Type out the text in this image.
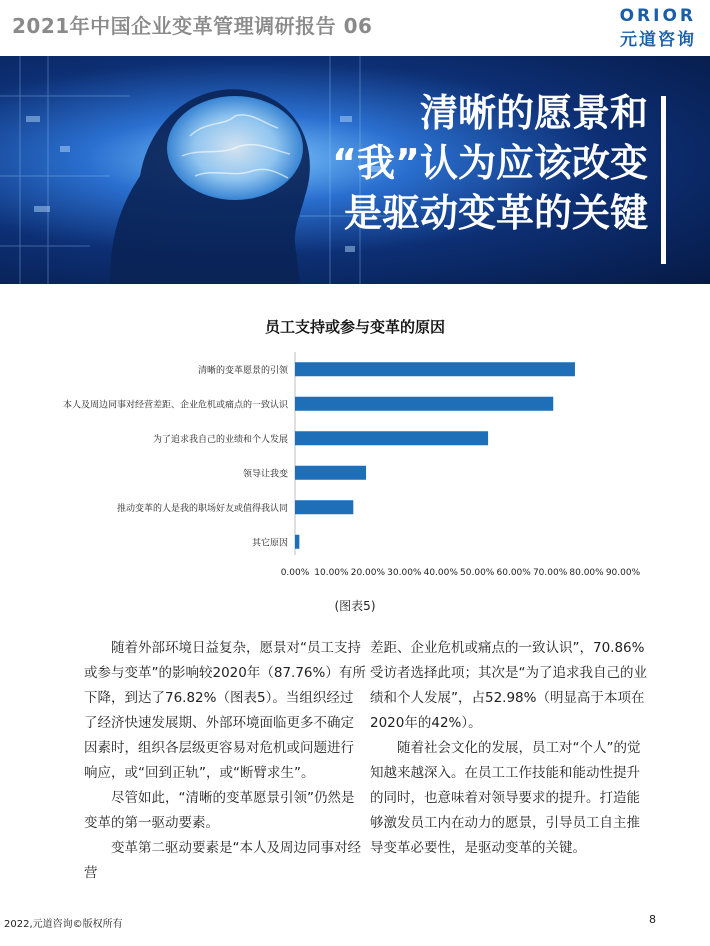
2021年中国企业变革管理调研报告 06	ORIOR
元道咨询
清晰的愿景和
“我”认为应该改变
是驱动变革的关键
员工支持或参与变革的原因
清晰的变革愿景的引领
本人及周边同事对经营差距、企业危机或痛点的一致认识
为了追求我自己的业绩和个人发展
领导让我变
推动变革的人是我的职场好友或值得我认同
其它原因
0.00% 10.00% 20.00% 30.00% 40.00% 50.00% 60.00% 70.00% 80.00% 90.00%
(图表5)

随着外部环境日益复杂，愿景对“员工支持或参与变革”的影响较2020年（87.76%）有所下降，到达了76.82%（图表5）。当组织经过了经济快速发展期、外部环境面临更多不确定因素时，组织各层级更容易对危机或问题进行响应，或“回到正轨”，或“断臂求生”。

尽管如此，“清晰的变革愿景引领”仍然是变革的第一驱动要素。

变革第二驱动要素是“本人及周边同事对经营

差距、企业危机或痛点的一致认识”，70.86%受访者选择此项；其次是“为了追求我自己的业绩和个人发展”，占52.98%（明显高于本项在2020年的42%）。

随着社会文化的发展，员工对“个人”的觉知越来越深入。在员工工作技能和能动性提升的同时，也意味着对领导要求的提升。打造能够激发员工内在动力的愿景，引导员工自主推导变革必要性，是驱动变革的关键。

2022,元道咨询©版权所有	8
